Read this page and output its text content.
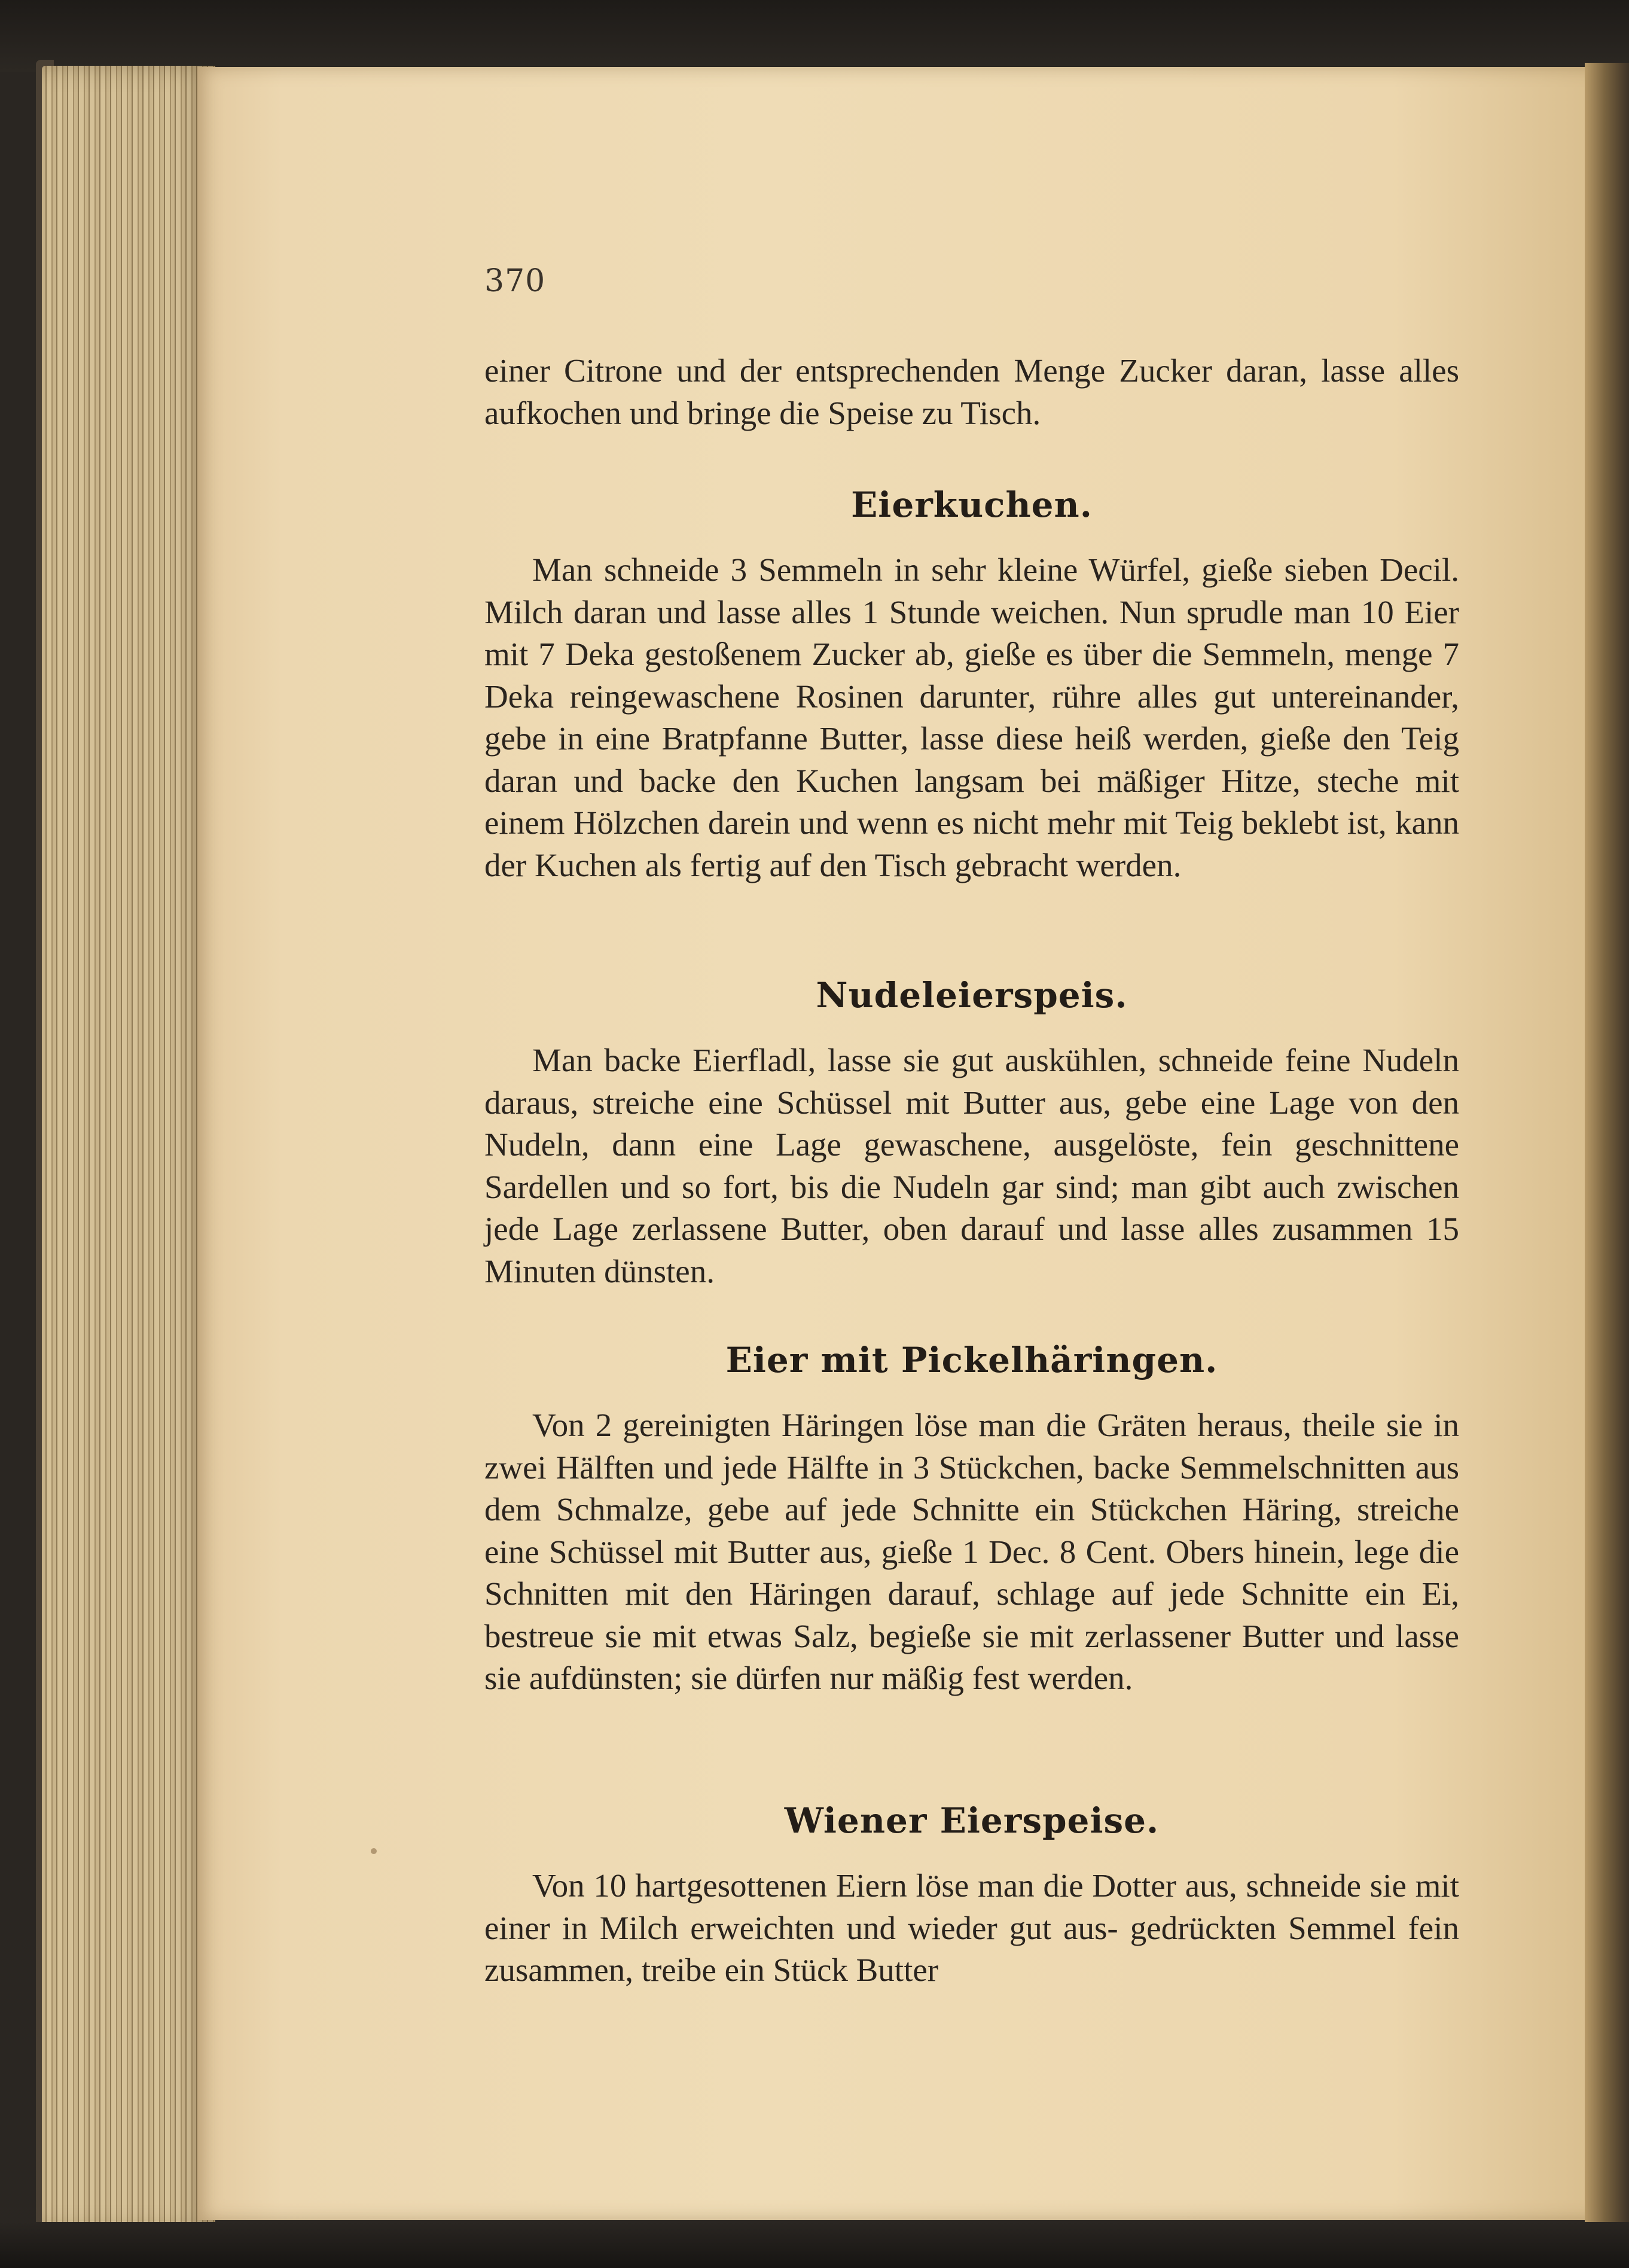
370

einer Citrone und der entsprechenden Menge Zucker daran, lasse alles aufkochen und bringe die Speise zu Tisch.

Eierkuchen.

Man schneide 3 Semmeln in sehr kleine Würfel, gieße sieben Decil. Milch daran und lasse alles 1 Stunde weichen. Nun sprudle man 10 Eier mit 7 Deka gestoßenem Zucker ab, gieße es über die Semmeln, menge 7 Deka reingewaschene Rosinen darunter, rühre alles gut untereinander, gebe in eine Bratpfanne Butter, lasse diese heiß werden, gieße den Teig daran und backe den Kuchen langsam bei mäßiger Hitze, steche mit einem Hölzchen darein und wenn es nicht mehr mit Teig beklebt ist, kann der Kuchen als fertig auf den Tisch gebracht werden.

Nudeleierspeis.

Man backe Eierfladl, lasse sie gut auskühlen, schneide feine Nudeln daraus, streiche eine Schüssel mit Butter aus, gebe eine Lage von den Nudeln, dann eine Lage gewaschene, ausgelöste, fein geschnittene Sardellen und so fort, bis die Nudeln gar sind; man gibt auch zwischen jede Lage zerlassene Butter, oben darauf und lasse alles zusammen 15 Minuten dünsten.

Eier mit Pickelhäringen.

Von 2 gereinigten Häringen löse man die Gräten heraus, theile sie in zwei Hälften und jede Hälfte in 3 Stückchen, backe Semmelschnitten aus dem Schmalze, gebe auf jede Schnitte ein Stückchen Häring, streiche eine Schüssel mit Butter aus, gieße 1 Dec. 8 Cent. Obers hinein, lege die Schnitten mit den Häringen darauf, schlage auf jede Schnitte ein Ei, bestreue sie mit etwas Salz, begieße sie mit zerlassener Butter und lasse sie aufdünsten; sie dürfen nur mäßig fest werden.

Wiener Eierspeise.

Von 10 hartgesottenen Eiern löse man die Dotter aus, schneide sie mit einer in Milch erweichten und wieder gut aus- gedrückten Semmel fein zusammen, treibe ein Stück Butter
